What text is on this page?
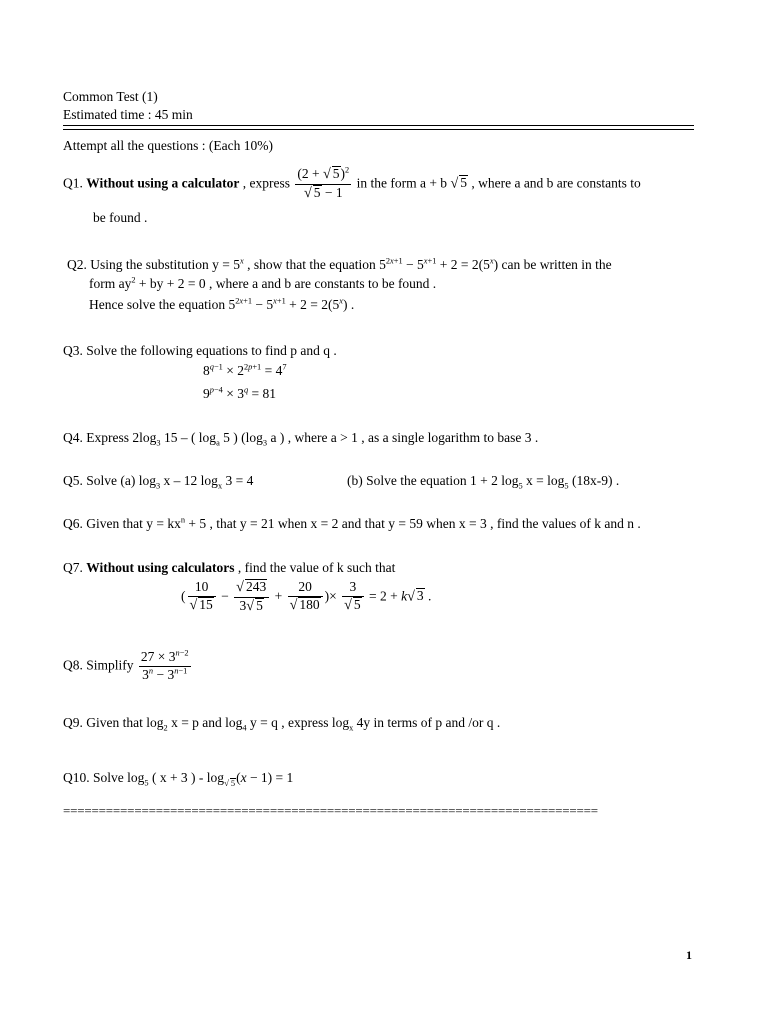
Common Test (1)
Estimated time : 45 min
Attempt all the questions : (Each 10%)
Q1. Without using a calculator , express $\frac{(2 + √ 5)^2}{√ 5 - 1}$ in the form a + b √ 5 , where a and b are constants to
be found .
Q2. Using the substitution $y = 5^x$ , show that the equation $5^{2x+1} - 5^{x+1} + 2 = 2(5^x)$ can be written in the
form $ay^2$ + by + 2 = 0 , where a and b are constants to be found .
Hence solve the equation $5^{2x+1} - 5^{x+1} + 2 = 2(5^x)$ .
Q3. Solve the following equations to find p and q .
$8^{q-1} \times 2^{2p+1} = 4^7$
$9^{p-4} \times 3^q = 81$
Q4. Express $2\log_3$ 15 – ( $\log_a 5$ ) ($\log_3$ a ) , where a > 1 , as a single logarithm to base 3 .
Q5. Solve (a) $\log_3 x - 12$ $\log_x 3 = 4$	(b) Solve the equation 1 + 2 $\log_5 x = \log_5 (18x-9)$ .
Q6. Given that $y = kx^n + 5$ , that y = 21 when x = 2 and that y = 59 when x = 3 , find the values of k and n .
Q7. Without using calculators , find the value of k such that
( $\frac{10}{√ 15} - \frac{√ 243}{3√ 5} + \frac{20}{√ 180}$ )× $\frac{3}{√ 5} = 2 + k√$ 3 .
Q8. Simplify $\frac{27 \times 3^{n-2}}{3^n - 3^{n-1}}$
Q9. Given that $\log_2 x = p$ and $\log_4 y = q$ , express $\log_x 4y$ in terms of p and /or q .
Q10. Solve $\log_5$ ( x + 3 ) - $\log_{√ 5}(x - 1) = 1$
===========================================================================
1
